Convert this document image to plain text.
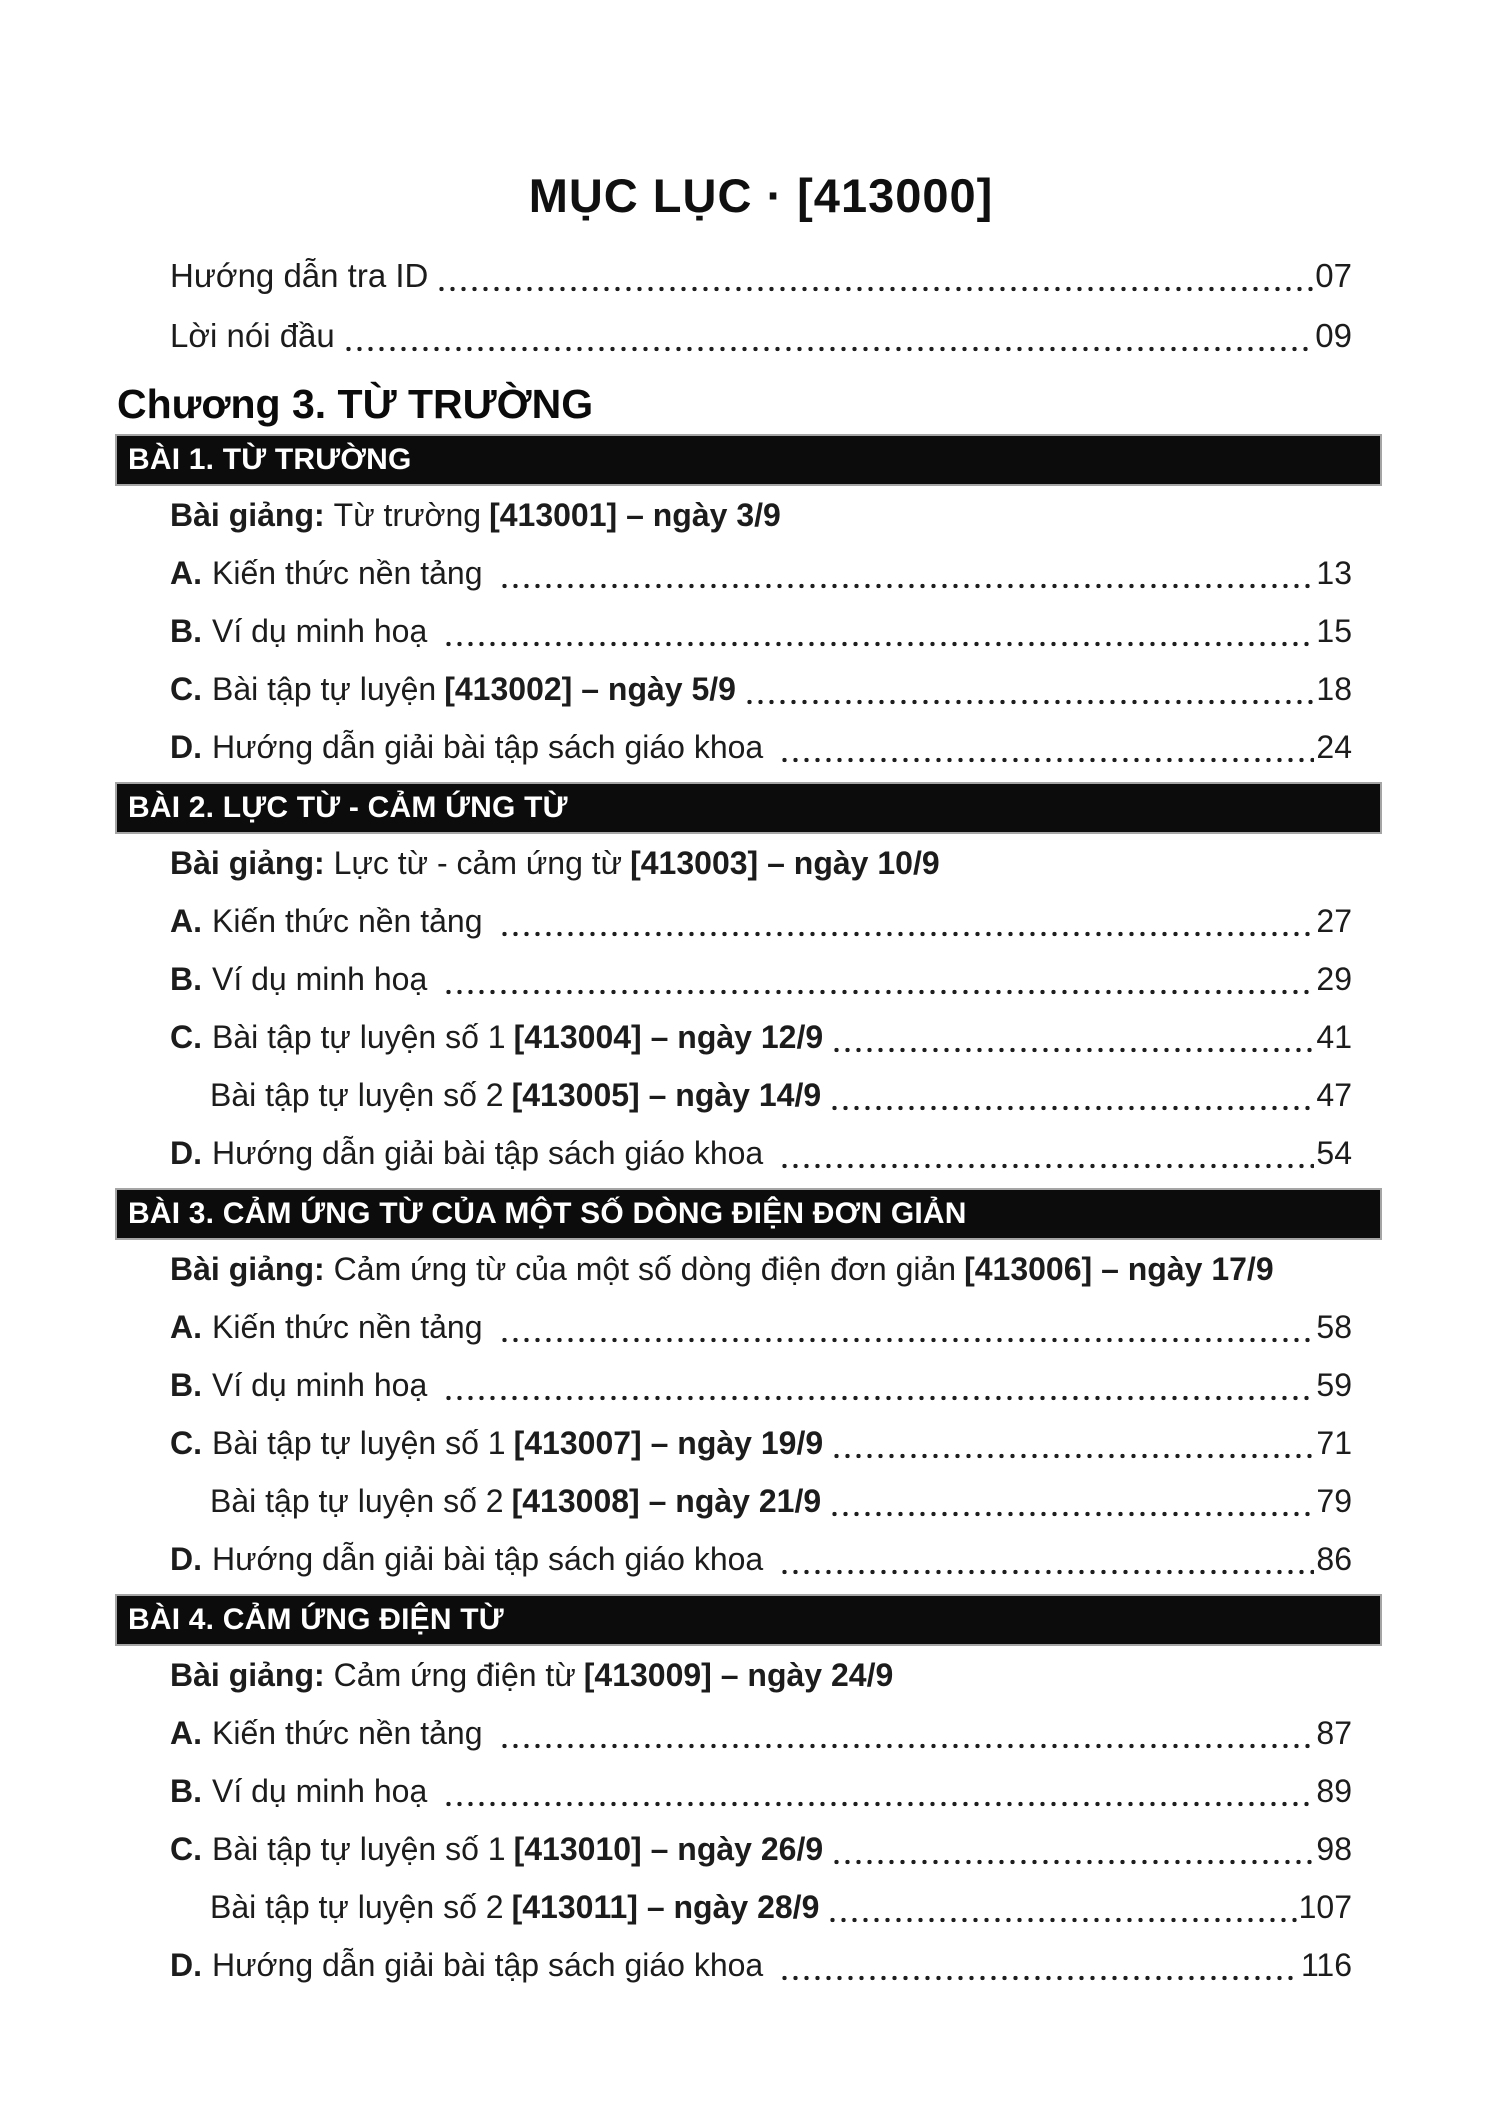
MỤC LỤC · [413000]
Hướng dẫn tra ID	07
Lời nói đầu	09
Chương 3. TỪ TRƯỜNG
BÀI 1. TỪ TRƯỜNG
Bài giảng: Từ trường [413001] – ngày 3/9
A. Kiến thức nền tảng	13
B. Ví dụ minh hoạ	15
C. Bài tập tự luyện [413002] – ngày 5/9	18
D. Hướng dẫn giải bài tập sách giáo khoa	24
BÀI 2. LỰC TỪ - CẢM ỨNG TỪ
Bài giảng: Lực từ - cảm ứng từ [413003] – ngày 10/9
A. Kiến thức nền tảng	27
B. Ví dụ minh hoạ	29
C. Bài tập tự luyện số 1 [413004] – ngày 12/9	41
Bài tập tự luyện số 2 [413005] – ngày 14/9	47
D. Hướng dẫn giải bài tập sách giáo khoa	54
BÀI 3. CẢM ỨNG TỪ CỦA MỘT SỐ DÒNG ĐIỆN ĐƠN GIẢN
Bài giảng: Cảm ứng từ của một số dòng điện đơn giản [413006] – ngày 17/9
A. Kiến thức nền tảng	58
B. Ví dụ minh hoạ	59
C. Bài tập tự luyện số 1 [413007] – ngày 19/9	71
Bài tập tự luyện số 2 [413008] – ngày 21/9	79
D. Hướng dẫn giải bài tập sách giáo khoa	86
BÀI 4. CẢM ỨNG ĐIỆN TỪ
Bài giảng: Cảm ứng điện từ [413009] – ngày 24/9
A. Kiến thức nền tảng	87
B. Ví dụ minh hoạ	89
C. Bài tập tự luyện số 1 [413010] – ngày 26/9	98
Bài tập tự luyện số 2 [413011] – ngày 28/9	107
D. Hướng dẫn giải bài tập sách giáo khoa	116
